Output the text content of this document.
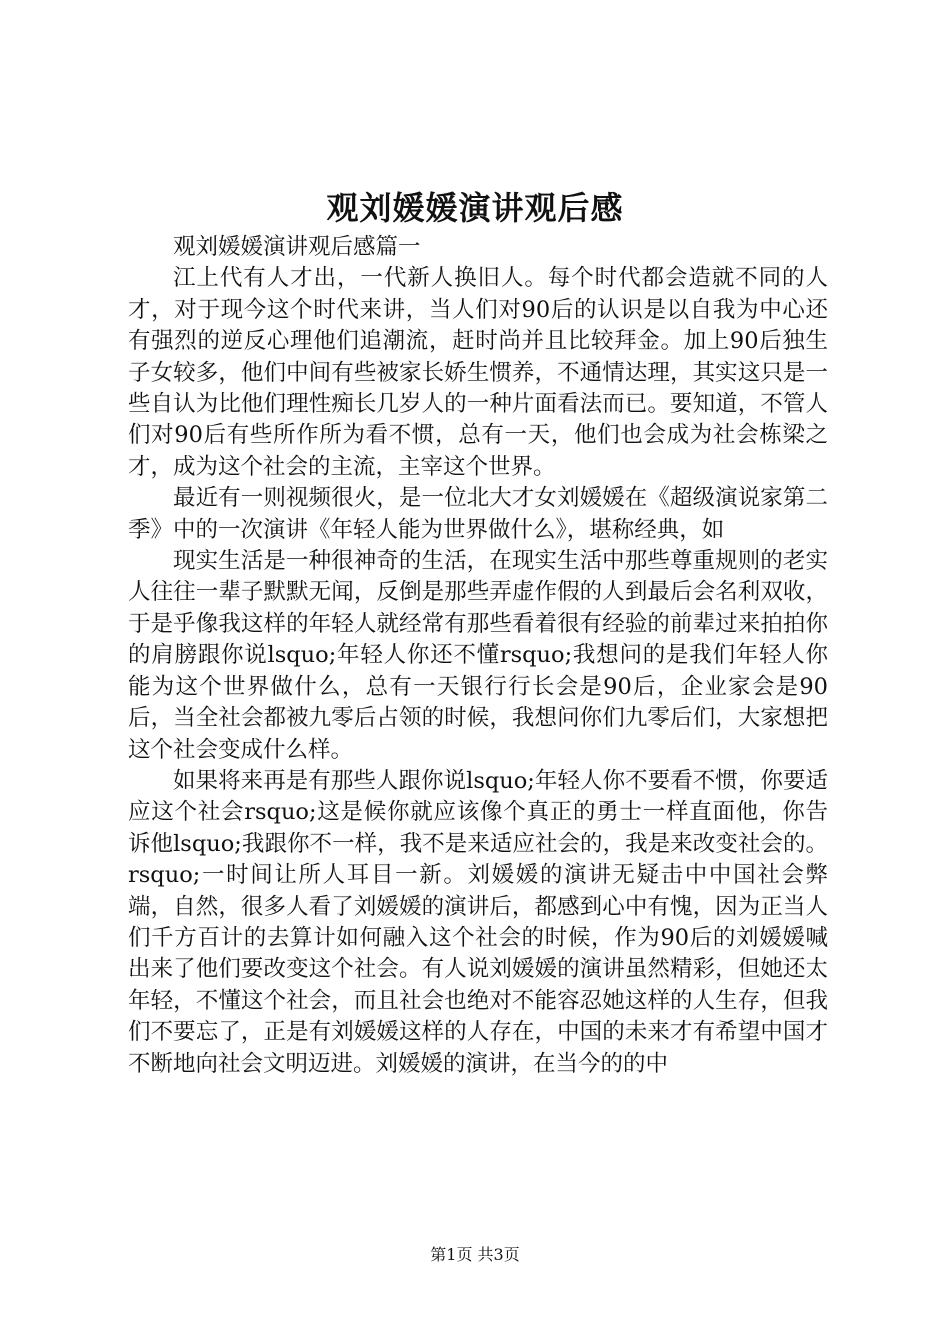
观刘媛媛演讲观后感

观刘媛媛演讲观后感篇一

江上代有人才出，一代新人换旧人。每个时代都会造就不同的人才，对于现今这个时代来讲，当人们对90后的认识是以自我为中心还有强烈的逆反心理他们追潮流，赶时尚并且比较拜金。加上90后独生子女较多，他们中间有些被家长娇生惯养，不通情达理，其实这只是一些自认为比他们理性痴长几岁人的一种片面看法而已。要知道，不管人们对90后有些所作所为看不惯，总有一天，他们也会成为社会栋梁之才，成为这个社会的主流，主宰这个世界。

最近有一则视频很火，是一位北大才女刘媛媛在《超级演说家第二季》中的一次演讲《年轻人能为世界做什么》，堪称经典，如

现实生活是一种很神奇的生活，在现实生活中那些尊重规则的老实人往往一辈子默默无闻，反倒是那些弄虚作假的人到最后会名利双收，于是乎像我这样的年轻人就经常有那些看着很有经验的前辈过来拍拍你的肩膀跟你说lsquo;年轻人你还不懂rsquo;我想问的是我们年轻人你能为这个世界做什么，总有一天银行行长会是90后，企业家会是90后，当全社会都被九零后占领的时候，我想问你们九零后们，大家想把这个社会变成什么样。

如果将来再是有那些人跟你说lsquo;年轻人你不要看不惯，你要适应这个社会rsquo;这是候你就应该像个真正的勇士一样直面他，你告诉他lsquo;我跟你不一样，我不是来适应社会的，我是来改变社会的。rsquo;一时间让所人耳目一新。刘媛媛的演讲无疑击中中国社会弊端，自然，很多人看了刘媛媛的演讲后，都感到心中有愧，因为正当人们千方百计的去算计如何融入这个社会的时候，作为90后的刘媛媛喊出来了他们要改变这个社会。有人说刘媛媛的演讲虽然精彩，但她还太年轻，不懂这个社会，而且社会也绝对不能容忍她这样的人生存，但我们不要忘了，正是有刘媛媛这样的人存在，中国的未来才有希望中国才不断地向社会文明迈进。刘媛媛的演讲，在当今的的中

第1页 共3页
